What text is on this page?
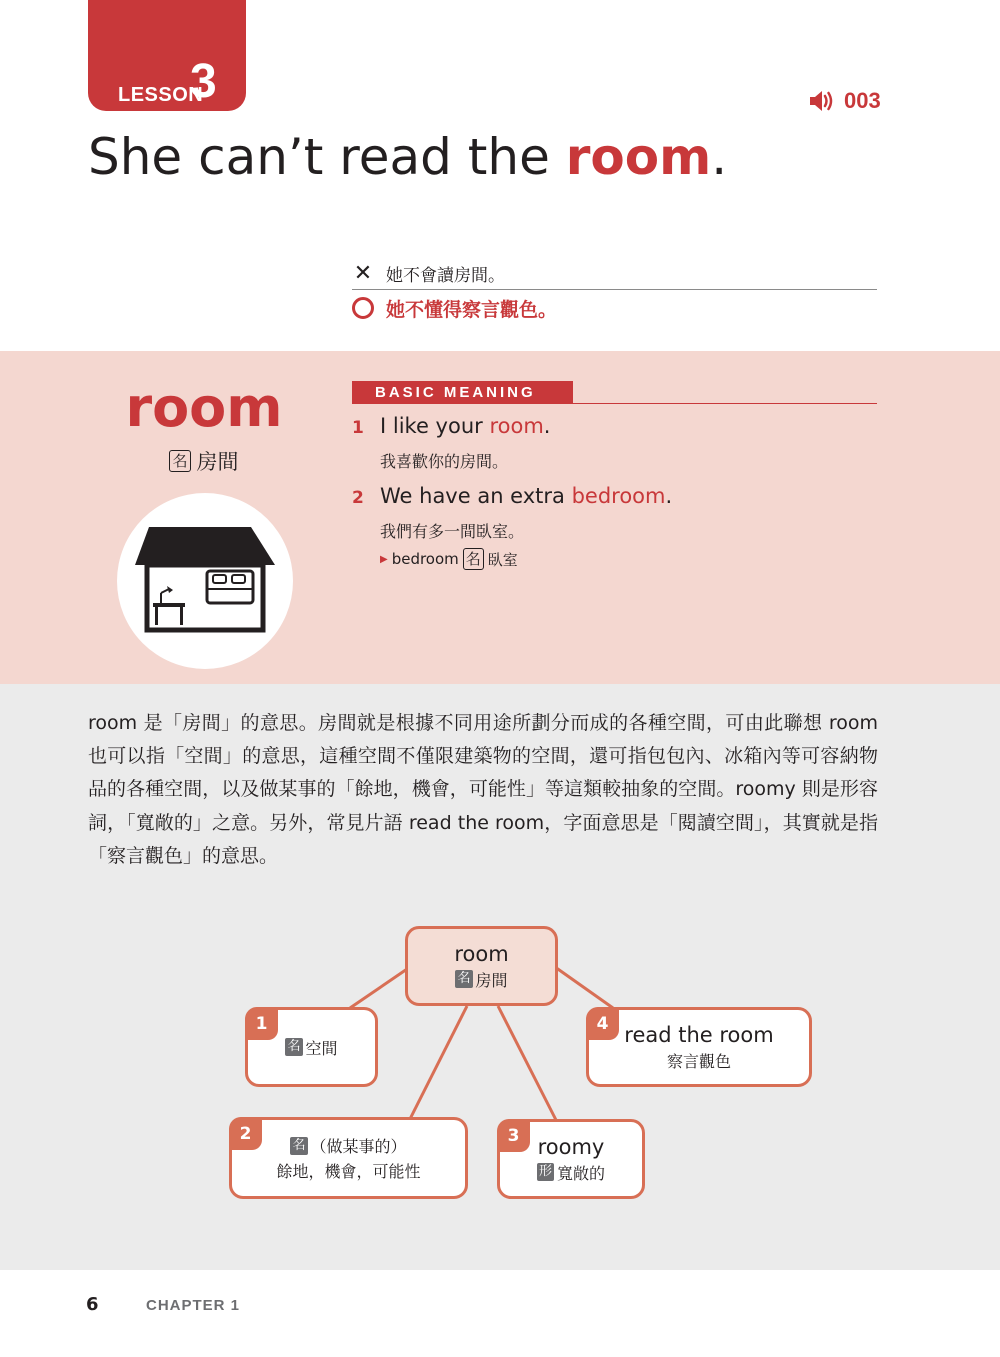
LESSON
3	003
She can’t read the room.
✕ 她不會讀房間。
她不懂得察言觀色。
room
名 房間
BASIC MEANING
1 I like your room.
我喜歡你的房間。
2 We have an extra bedroom.
我們有多一間臥室。
▶ bedroom 名 臥室

room 是「房間」的意思。房間就是根據不同用途所劃分而成的各種空間，可由此聯想 room 也可以指「空間」的意思，這種空間不僅限建築物的空間，還可指包包內、冰箱內等可容納物品的各種空間，以及做某事的「餘地，機會，可能性」等這類較抽象的空間。roomy 則是形容詞，「寬敞的」之意。另外，常見片語 read the room，字面意思是「閱讀空間」，其實就是指「察言觀色」的意思。

room
名 房間
1
名 空間
2
名 （做某事的）
餘地，機會，可能性
3 roomy
形 寬敞的
4 read the room
察言觀色
6	CHAPTER 1
